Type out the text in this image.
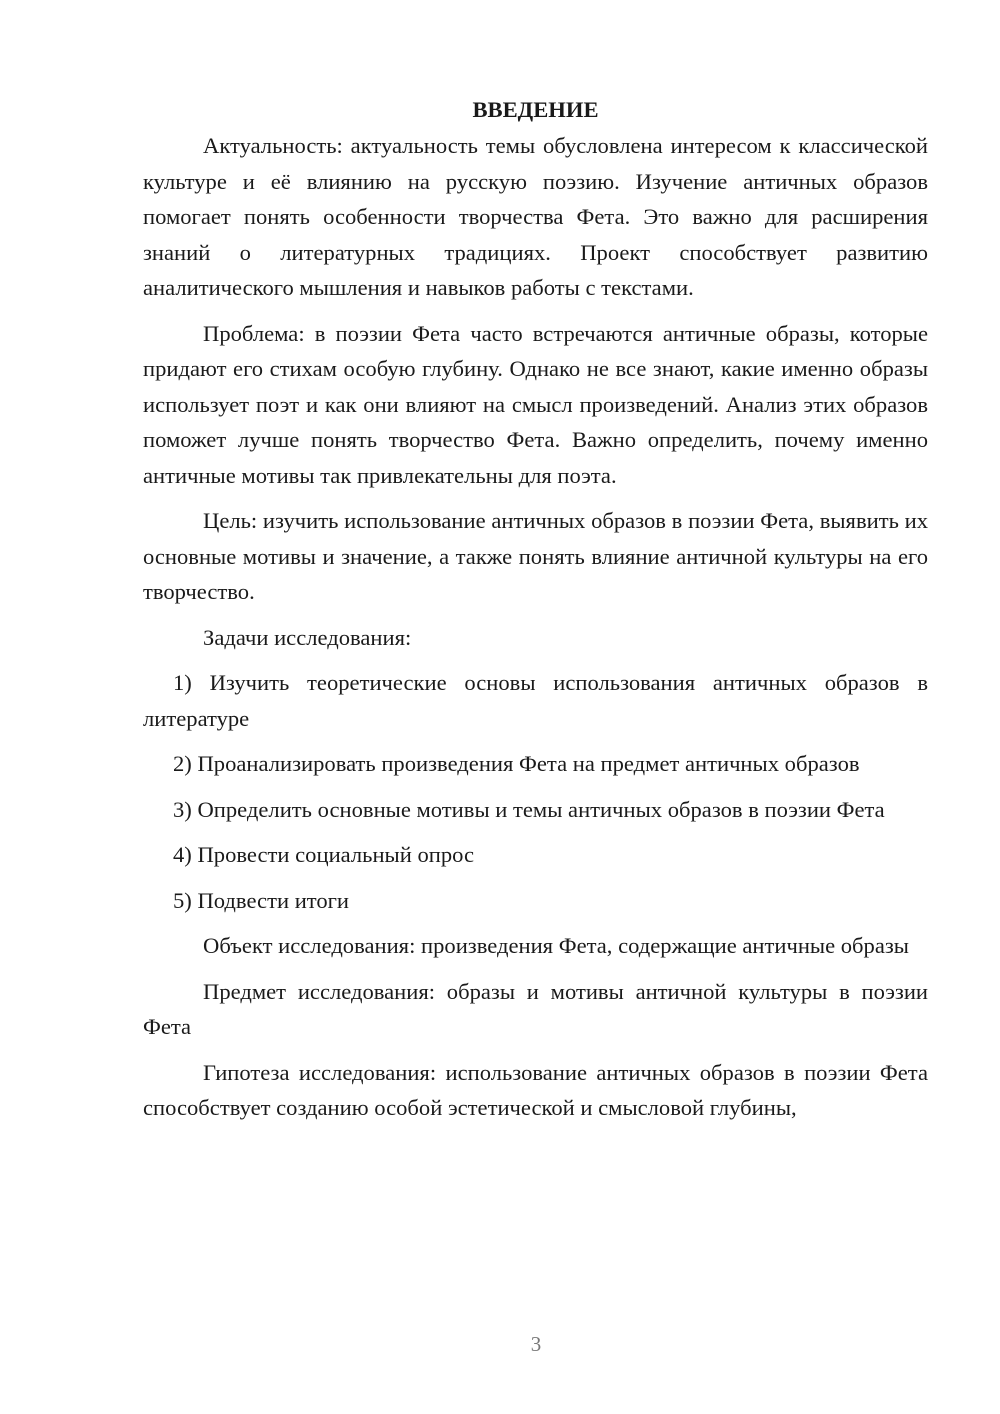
ВВЕДЕНИЕ

Актуальность: актуальность темы обусловлена интересом к классической культуре и её влиянию на русскую поэзию. Изучение античных образов помогает понять особенности творчества Фета. Это важно для расширения знаний о литературных традициях. Проект способствует развитию аналитического мышления и навыков работы с текстами.

Проблема: в поэзии Фета часто встречаются античные образы, которые придают его стихам особую глубину. Однако не все знают, какие именно образы использует поэт и как они влияют на смысл произведений. Анализ этих образов поможет лучше понять творчество Фета. Важно определить, почему именно античные мотивы так привлекательны для поэта.

Цель: изучить использование античных образов в поэзии Фета, выявить их основные мотивы и значение, а также понять влияние античной культуры на его творчество.

Задачи исследования:

1) Изучить теоретические основы использования античных образов в литературе

2) Проанализировать произведения Фета на предмет античных образов

3) Определить основные мотивы и темы античных образов в поэзии Фета

4) Провести социальный опрос

5) Подвести итоги

Объект исследования: произведения Фета, содержащие античные образы

Предмет исследования: образы и мотивы античной культуры в поэзии Фета

Гипотеза исследования: использование античных образов в поэзии Фета способствует созданию особой эстетической и смысловой глубины,

3
